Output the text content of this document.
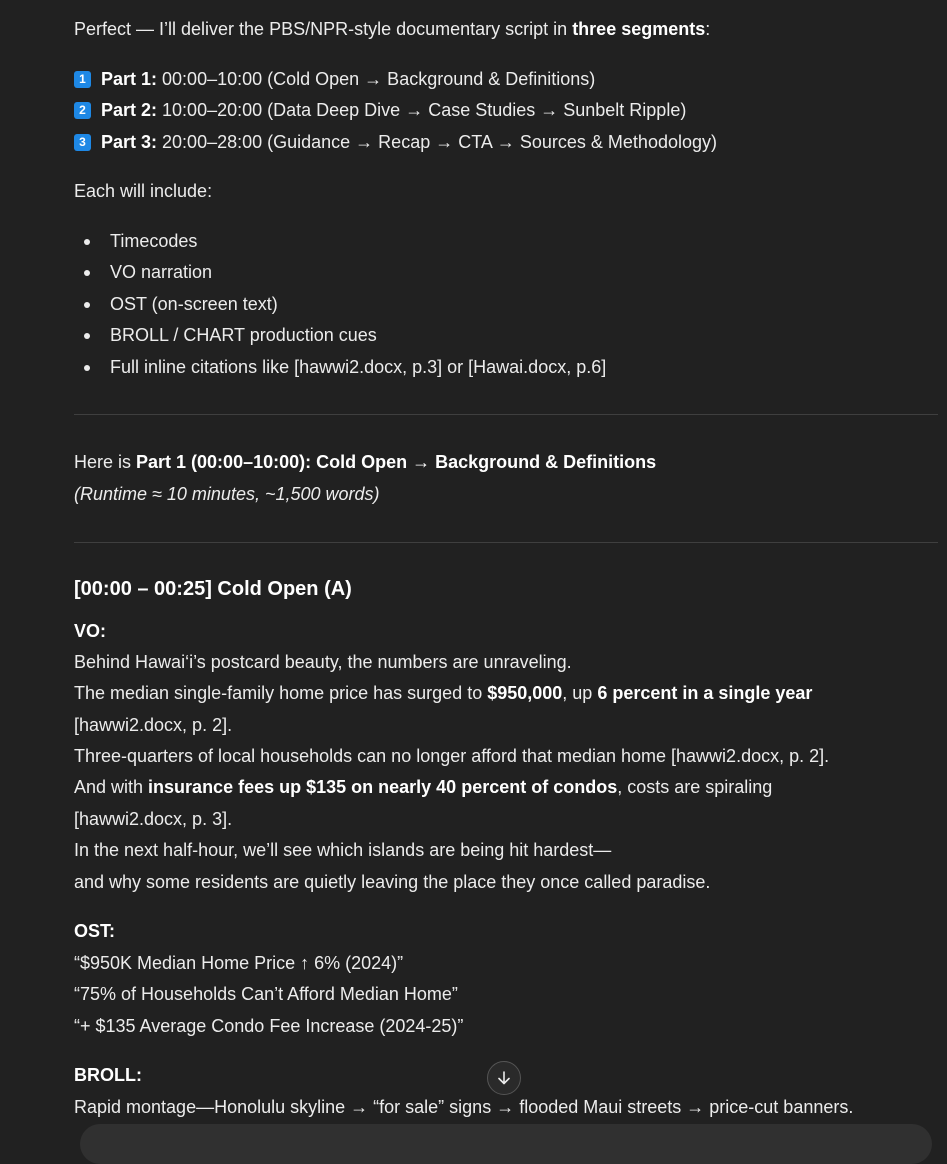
Perfect — I’ll deliver the PBS/NPR-style documentary script in three segments:
1 Part 1: 00:00–10:00 (Cold Open → Background & Definitions)
2 Part 2: 10:00–20:00 (Data Deep Dive → Case Studies → Sunbelt Ripple)
3 Part 3: 20:00–28:00 (Guidance → Recap → CTA → Sources & Methodology)
Each will include:
Timecodes
VO narration
OST (on-screen text)
BROLL / CHART production cues
Full inline citations like [hawwi2.docx, p.3] or [Hawai.docx, p.6]
Here is Part 1 (00:00–10:00): Cold Open → Background & Definitions
(Runtime ≈ 10 minutes, ~1,500 words)
[00:00 – 00:25] Cold Open (A)
VO:
Behind Hawai‘i’s postcard beauty, the numbers are unraveling.
The median single-family home price has surged to $950,000, up 6 percent in a single year
[hawwi2.docx, p. 2].
Three-quarters of local households can no longer afford that median home [hawwi2.docx, p. 2].
And with insurance fees up $135 on nearly 40 percent of condos, costs are spiraling
[hawwi2.docx, p. 3].
In the next half-hour, we’ll see which islands are being hit hardest—
and why some residents are quietly leaving the place they once called paradise.
OST:
“$950K Median Home Price ↑ 6% (2024)”
“75% of Households Can’t Afford Median Home”
“+ $135 Average Condo Fee Increase (2024-25)”
BROLL:
Rapid montage—Honolulu skyline → “for sale” signs → flooded Maui streets → price-cut banners.
